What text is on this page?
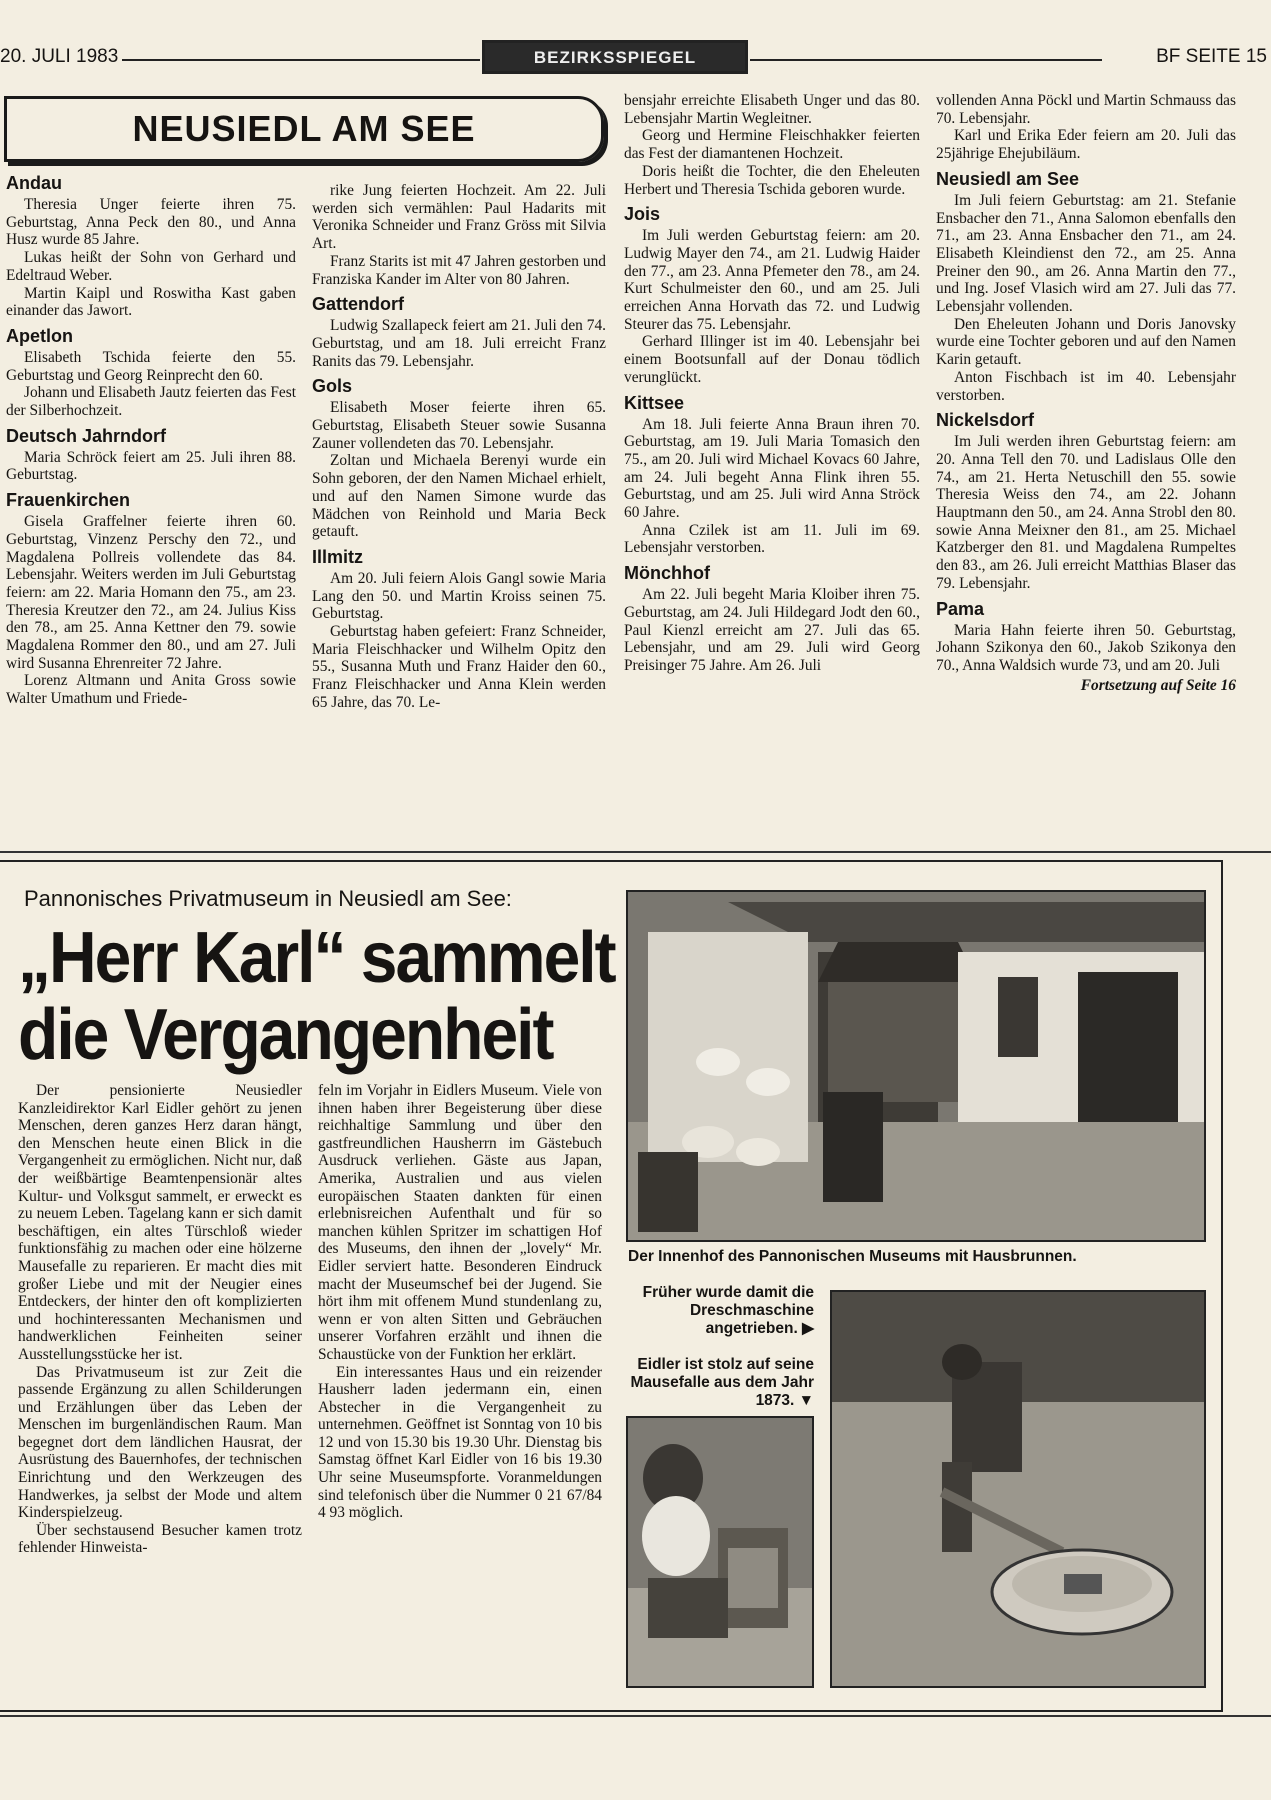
20. JULI 1983	BEZIRKSSPIEGEL	BF SEITE 15
NEUSIEDL AM SEE
Andau

Theresia Unger feierte ihren 75. Geburtstag, Anna Peck den 80., und Anna Husz wurde 85 Jahre.

Lukas heißt der Sohn von Gerhard und Edeltraud Weber.

Martin Kaipl und Roswitha Kast gaben einander das Jawort.

Apetlon

Elisabeth Tschida feierte den 55. Geburtstag und Georg Reinprecht den 60.

Johann und Elisabeth Jautz feierten das Fest der Silberhochzeit.

Deutsch Jahrndorf

Maria Schröck feiert am 25. Juli ihren 88. Geburtstag.

Frauenkirchen

Gisela Graffelner feierte ihren 60. Geburtstag, Vinzenz Perschy den 72., und Magdalena Pollreis vollendete das 84. Lebensjahr. Weiters werden im Juli Geburtstag feiern: am 22. Maria Homann den 75., am 23. Theresia Kreutzer den 72., am 24. Julius Kiss den 78., am 25. Anna Kettner den 79. sowie Magdalena Rommer den 80., und am 27. Juli wird Susanna Ehrenreiter 72 Jahre.

Lorenz Altmann und Anita Gross sowie Walter Umathum und Friede-

rike Jung feierten Hochzeit. Am 22. Juli werden sich vermählen: Paul Hadarits mit Veronika Schneider und Franz Gröss mit Silvia Art.

Franz Starits ist mit 47 Jahren gestorben und Franziska Kander im Alter von 80 Jahren.

Gattendorf

Ludwig Szallapeck feiert am 21. Juli den 74. Geburtstag, und am 18. Juli erreicht Franz Ranits das 79. Lebensjahr.

Gols

Elisabeth Moser feierte ihren 65. Geburtstag, Elisabeth Steuer sowie Susanna Zauner vollendeten das 70. Lebensjahr.

Zoltan und Michaela Berenyi wurde ein Sohn geboren, der den Namen Michael erhielt, und auf den Namen Simone wurde das Mädchen von Reinhold und Maria Beck getauft.

Illmitz

Am 20. Juli feiern Alois Gangl sowie Maria Lang den 50. und Martin Kroiss seinen 75. Geburtstag.

Geburtstag haben gefeiert: Franz Schneider, Maria Fleischhacker und Wilhelm Opitz den 55., Susanna Muth und Franz Haider den 60., Franz Fleischhacker und Anna Klein werden 65 Jahre, das 70. Le-

bensjahr erreichte Elisabeth Unger und das 80. Lebensjahr Martin Wegleitner.

Georg und Hermine Fleischhakker feierten das Fest der diamantenen Hochzeit.

Doris heißt die Tochter, die den Eheleuten Herbert und Theresia Tschida geboren wurde.

Jois

Im Juli werden Geburtstag feiern: am 20. Ludwig Mayer den 74., am 21. Ludwig Haider den 77., am 23. Anna Pfemeter den 78., am 24. Kurt Schulmeister den 60., und am 25. Juli erreichen Anna Horvath das 72. und Ludwig Steurer das 75. Lebensjahr.

Gerhard Illinger ist im 40. Lebensjahr bei einem Bootsunfall auf der Donau tödlich verunglückt.

Kittsee

Am 18. Juli feierte Anna Braun ihren 70. Geburtstag, am 19. Juli Maria Tomasich den 75., am 20. Juli wird Michael Kovacs 60 Jahre, am 24. Juli begeht Anna Flink ihren 55. Geburtstag, und am 25. Juli wird Anna Ströck 60 Jahre.

Anna Czilek ist am 11. Juli im 69. Lebensjahr verstorben.

Mönchhof

Am 22. Juli begeht Maria Kloiber ihren 75. Geburtstag, am 24. Juli Hildegard Jodt den 60., Paul Kienzl erreicht am 27. Juli das 65. Lebensjahr, und am 29. Juli wird Georg Preisinger 75 Jahre. Am 26. Juli

vollenden Anna Pöckl und Martin Schmauss das 70. Lebensjahr.

Karl und Erika Eder feiern am 20. Juli das 25jährige Ehejubiläum.

Neusiedl am See

Im Juli feiern Geburtstag: am 21. Stefanie Ensbacher den 71., Anna Salomon ebenfalls den 71., am 23. Anna Ensbacher den 71., am 24. Elisabeth Kleindienst den 72., am 25. Anna Preiner den 90., am 26. Anna Martin den 77., und Ing. Josef Vlasich wird am 27. Juli das 77. Lebensjahr vollenden.

Den Eheleuten Johann und Doris Janovsky wurde eine Tochter geboren und auf den Namen Karin getauft.

Anton Fischbach ist im 40. Lebensjahr verstorben.

Nickelsdorf

Im Juli werden ihren Geburtstag feiern: am 20. Anna Tell den 70. und Ladislaus Olle den 74., am 21. Herta Netuschill den 55. sowie Theresia Weiss den 74., am 22. Johann Hauptmann den 50., am 24. Anna Strobl den 80. sowie Anna Meixner den 81., am 25. Michael Katzberger den 81. und Magdalena Rumpeltes den 83., am 26. Juli erreicht Matthias Blaser das 79. Lebensjahr.

Pama

Maria Hahn feierte ihren 50. Geburtstag, Johann Szikonya den 60., Jakob Szikonya den 70., Anna Waldsich wurde 73, und am 20. Juli

Fortsetzung auf Seite 16

Pannonisches Privatmuseum in Neusiedl am See:
„Herr Karl“ sammelt
die Vergangenheit

Der pensionierte Neusiedler Kanzleidirektor Karl Eidler gehört zu jenen Menschen, deren ganzes Herz daran hängt, den Menschen heute einen Blick in die Vergangenheit zu ermöglichen. Nicht nur, daß der weißbärtige Beamtenpensionär altes Kultur- und Volksgut sammelt, er erweckt es zu neuem Leben. Tagelang kann er sich damit beschäftigen, ein altes Türschloß wieder funktionsfähig zu machen oder eine hölzerne Mausefalle zu reparieren. Er macht dies mit großer Liebe und mit der Neugier eines Entdeckers, der hinter den oft komplizierten und hochinteressanten Mechanismen und handwerklichen Feinheiten seiner Ausstellungsstücke her ist.

Das Privatmuseum ist zur Zeit die passende Ergänzung zu allen Schilderungen und Erzählungen über das Leben der Menschen im burgenländischen Raum. Man begegnet dort dem ländlichen Hausrat, der Ausrüstung des Bauernhofes, der technischen Einrichtung und den Werkzeugen des Handwerkes, ja selbst der Mode und altem Kinderspielzeug.

Über sechstausend Besucher kamen trotz fehlender Hinweista-

feln im Vorjahr in Eidlers Museum. Viele von ihnen haben ihrer Begeisterung über diese reichhaltige Sammlung und über den gastfreundlichen Hausherrn im Gästebuch Ausdruck verliehen. Gäste aus Japan, Amerika, Australien und aus vielen europäischen Staaten dankten für einen erlebnisreichen Aufenthalt und für so manchen kühlen Spritzer im schattigen Hof des Museums, den ihnen der „lovely“ Mr. Eidler serviert hatte. Besonderen Eindruck macht der Museumschef bei der Jugend. Sie hört ihm mit offenem Mund stundenlang zu, wenn er von alten Sitten und Gebräuchen unserer Vorfahren erzählt und ihnen die Schaustücke von der Funktion her erklärt.

Ein interessantes Haus und ein reizender Hausherr laden jedermann ein, einen Abstecher in die Vergangenheit zu unternehmen. Geöffnet ist Sonntag von 10 bis 12 und von 15.30 bis 19.30 Uhr. Dienstag bis Samstag öffnet Karl Eidler von 16 bis 19.30 Uhr seine Museumspforte. Voranmeldungen sind telefonisch über die Nummer 0 21 67/84 4 93 möglich.

Der Innenhof des Pannonischen Museums mit Hausbrunnen.
Früher wurde damit die Dreschmaschine angetrieben. ▶
Eidler ist stolz auf seine Mausefalle aus dem Jahr 1873. ▼
